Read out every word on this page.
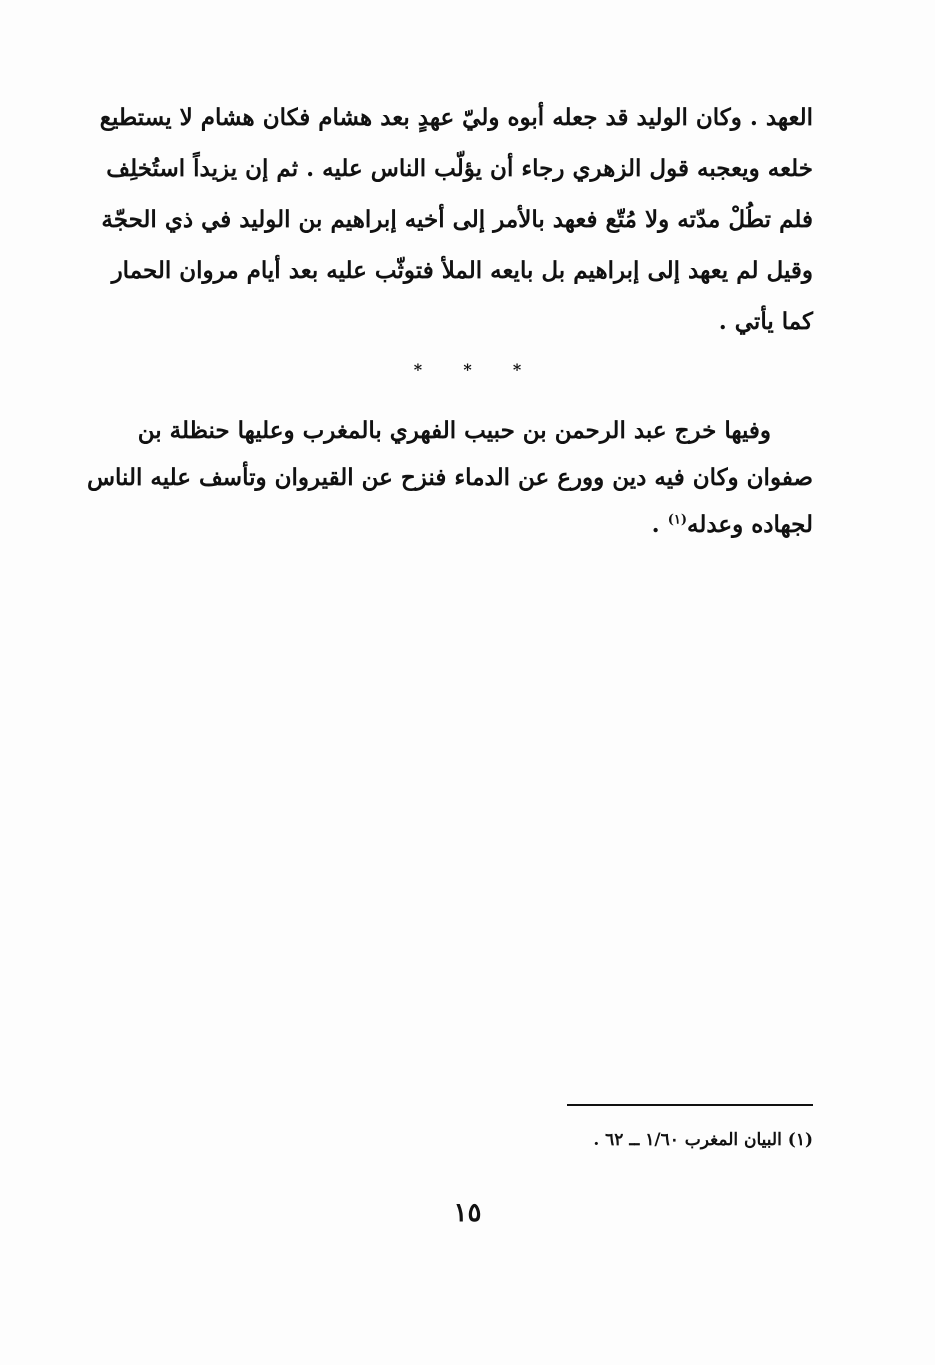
العهد . وكان الوليد قد جعله أبوه وليّ عهدٍ بعد هشام فكان هشام لا يستطيع
خلعه ويعجبه قول الزهري رجاء أن يؤلّب الناس عليه . ثم إن يزيداً استُخلِف
فلم تطُلْ مدّته ولا مُتّع فعهد بالأمر إلى أخيه إبراهيم بن الوليد في ذي الحجّة
وقيل لم يعهد إلى إبراهيم بل بايعه الملأ فتوثّب عليه بعد أيام مروان الحمار
كما يأتي .
*	*	*
وفيها خرج عبد الرحمن بن حبيب الفهري بالمغرب وعليها حنظلة بن
صفوان وكان فيه دين وورع عن الدماء فنزح عن القيروان وتأسف عليه الناس
لجهاده وعدله$^{(١)}$ .
(١) البيان المغرب ١/٦٠ ــ ٦٢ .
١٥
